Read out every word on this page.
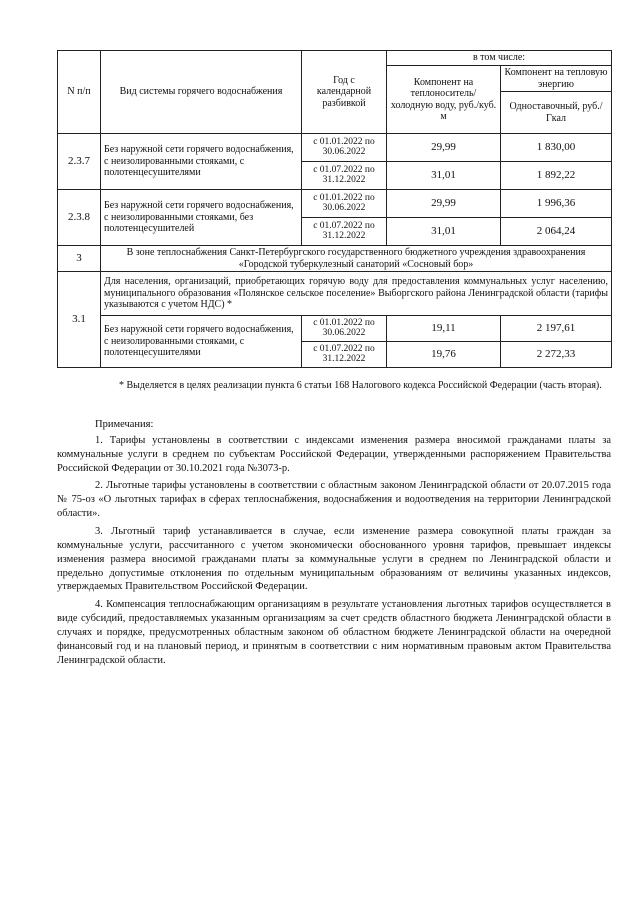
N п/п	Вид системы горячего водоснабжения	Год с календарной разбивкой	в том числе:	
			Компонент на теплоноситель/ холодную воду, руб./куб. м	Компонент на тепловую энергию
				Одноставочный, руб./Гкал
2.3.7	Без наружной сети горячего водоснабжения, с неизолированными стояками, с полотенцесушителями	с 01.01.2022 по 30.06.2022	29,99	1 830,00
		с 01.07.2022 по 31.12.2022	31,01	1 892,22
2.3.8	Без наружной сети горячего водоснабжения, с неизолированными стояками, без полотенцесушителей	с 01.01.2022 по 30.06.2022	29,99	1 996,36
		с 01.07.2022 по 31.12.2022	31,01	2 064,24
3	В зоне теплоснабжения Санкт-Петербургского государственного бюджетного учреждения здравоохранения «Городской туберкулезный санаторий «Сосновый бор»			
3.1	Для населения, организаций, приобретающих горячую воду для предоставления коммунальных услуг населению, муниципального образования «Полянское сельское поселение» Выборгского района Ленинградской области (тарифы указываются с учетом НДС) *			
	Без наружной сети горячего водоснабжения, с неизолированными стояками, с полотенцесушителями	с 01.01.2022 по 30.06.2022	19,11	2 197,61
		с 01.07.2022 по 31.12.2022	19,76	2 272,33

* Выделяется в целях реализации пункта 6 статьи 168 Налогового кодекса Российской Федерации (часть вторая).

Примечания:

1. Тарифы установлены в соответствии с индексами изменения размера вносимой гражданами платы за коммунальные услуги в среднем по субъектам Российской Федерации, утвержденными распоряжением Правительства Российской Федерации от 30.10.2021 года №3073-р.

2. Льготные тарифы установлены в соответствии с областным законом Ленинградской области от 20.07.2015 года № 75-оз «О льготных тарифах в сферах теплоснабжения, водоснабжения и водоотведения на территории Ленинградской области».

3. Льготный тариф устанавливается в случае, если изменение размера совокупной платы граждан за коммунальные услуги, рассчитанного с учетом экономически обоснованного уровня тарифов, превышает индексы изменения размера вносимой гражданами платы за коммунальные услуги в среднем по Ленинградской области и предельно допустимые отклонения по отдельным муниципальным образованиям от величины указанных индексов, утверждаемых Правительством Российской Федерации.

4. Компенсация теплоснабжающим организациям в результате установления льготных тарифов осуществляется в виде субсидий, предоставляемых указанным организациям за счет средств областного бюджета Ленинградской области в случаях и порядке, предусмотренных областным законом об областном бюджете Ленинградской области на очередной финансовый год и на плановый период, и принятым в соответствии с ним нормативным правовым актом Правительства Ленинградской области.
